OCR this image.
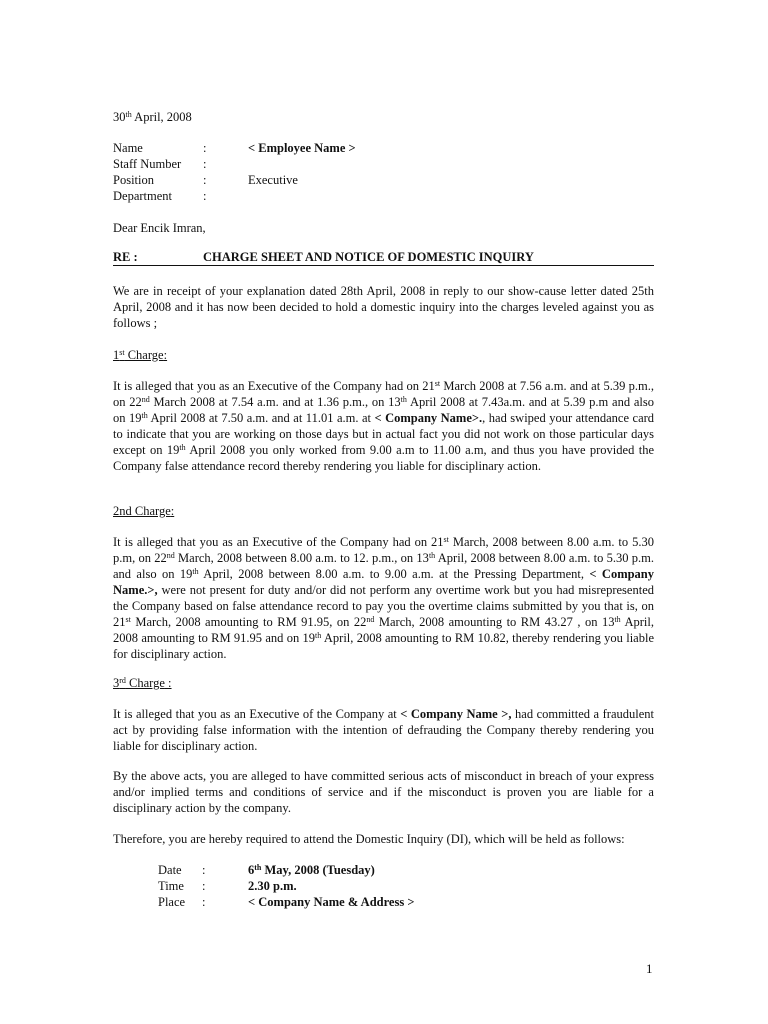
30th April, 2008
Name	:	< Employee Name >
Staff Number :
Position	:	Executive
Department :
Dear Encik Imran,
RE :	CHARGE SHEET AND NOTICE OF DOMESTIC INQUIRY

We are in receipt of your explanation dated 28th April, 2008 in reply to our show-cause letter dated 25th April, 2008 and it has now been decided to hold a domestic inquiry into the charges leveled against you as follows ;

1st Charge:

It is alleged that you as an Executive of the Company had on 21st March 2008 at 7.56 a.m. and at 5.39 p.m., on 22nd March 2008 at 7.54 a.m. and at 1.36 p.m., on 13th April 2008 at 7.43a.m. and at 5.39 p.m and also on 19th April 2008 at 7.50 a.m. and at 11.01 a.m. at < Company Name>., had swiped your attendance card to indicate that you are working on those days but in actual fact you did not work on those particular days except on 19th April 2008 you only worked from 9.00 a.m to 11.00 a.m, and thus you have provided the Company false attendance record thereby rendering you liable for disciplinary action.

2nd Charge:

It is alleged that you as an Executive of the Company had on 21st March, 2008 between 8.00 a.m. to 5.30 p.m, on 22nd March, 2008 between 8.00 a.m. to 12. p.m., on 13th April, 2008 between 8.00 a.m. to 5.30 p.m. and also on 19th April, 2008 between 8.00 a.m. to 9.00 a.m. at the Pressing Department, < Company Name.>, were not present for duty and/or did not perform any overtime work but you had misrepresented the Company based on false attendance record to pay you the overtime claims submitted by you that is, on 21st March, 2008 amounting to RM 91.95, on 22nd March, 2008 amounting to RM 43.27 , on 13th April, 2008 amounting to RM 91.95 and on 19th April, 2008 amounting to RM 10.82, thereby rendering you liable for disciplinary action.

3rd Charge :

It is alleged that you as an Executive of the Company at < Company Name >, had committed a fraudulent act by providing false information with the intention of defrauding the Company thereby rendering you liable for disciplinary action.

By the above acts, you are alleged to have committed serious acts of misconduct in breach of your express and/or implied terms and conditions of service and if the misconduct is proven you are liable for a disciplinary action by the company.

Therefore, you are hereby required to attend the Domestic Inquiry (DI), which will be held as follows:

Date :	6th May, 2008 (Tuesday)
Time :	2.30 p.m.
Place :	< Company Name & Address >
1
